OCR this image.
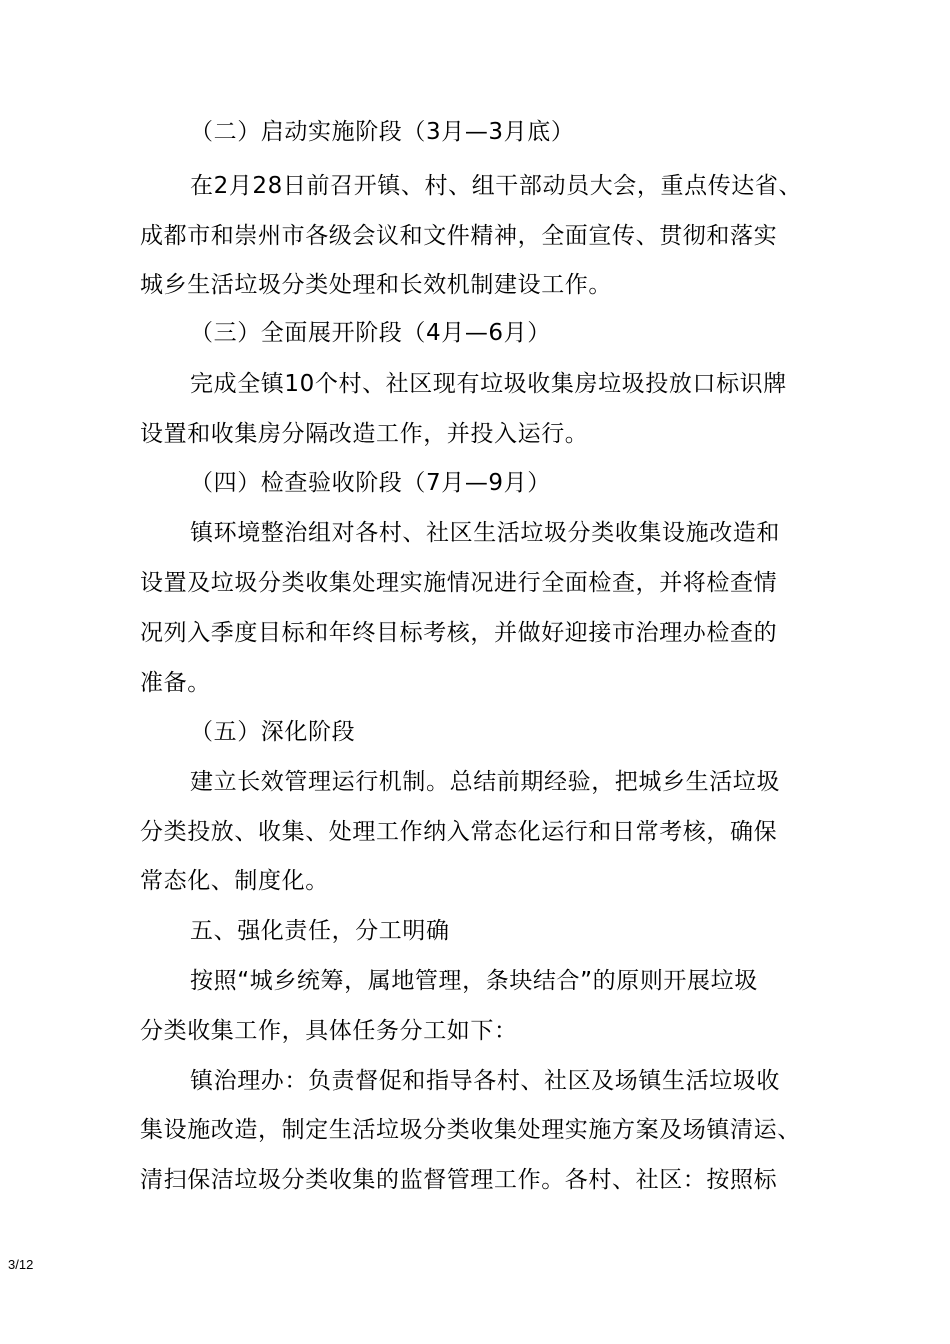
（二）启动实施阶段（3月—3月底）
在2月28日前召开镇、村、组干部动员大会，重点传达省、
成都市和崇州市各级会议和文件精神，全面宣传、贯彻和落实
城乡生活垃圾分类处理和长效机制建设工作。
（三）全面展开阶段（4月—6月）
完成全镇10个村、社区现有垃圾收集房垃圾投放口标识牌
设置和收集房分隔改造工作，并投入运行。
（四）检查验收阶段（7月—9月）
镇环境整治组对各村、社区生活垃圾分类收集设施改造和
设置及垃圾分类收集处理实施情况进行全面检查，并将检查情
况列入季度目标和年终目标考核，并做好迎接市治理办检查的
准备。
（五）深化阶段
建立长效管理运行机制。总结前期经验，把城乡生活垃圾
分类投放、收集、处理工作纳入常态化运行和日常考核，确保
常态化、制度化。
五、强化责任，分工明确
按照“城乡统筹，属地管理，条块结合”的原则开展垃圾
分类收集工作，具体任务分工如下：
镇治理办：负责督促和指导各村、社区及场镇生活垃圾收
集设施改造，制定生活垃圾分类收集处理实施方案及场镇清运、
清扫保洁垃圾分类收集的监督管理工作。各村、社区：按照标
3/12
